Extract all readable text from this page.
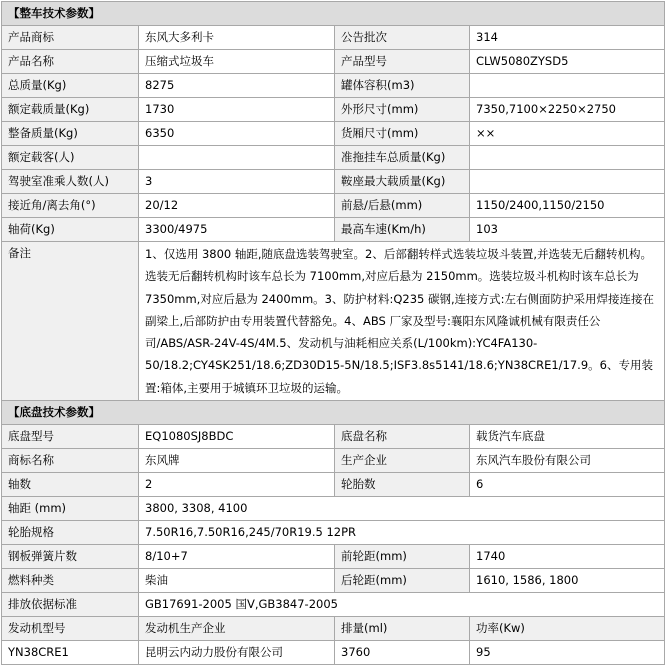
【整车技术参数】			
产品商标	东风大多利卡	公告批次	314
产品名称	压缩式垃圾车	产品型号	CLW5080ZYSD5
总质量(Kg)	8275	罐体容积(m3)	
额定载质量(Kg)	1730	外形尺寸(mm)	7350,7100×2250×2750
整备质量(Kg)	6350	货厢尺寸(mm)	××
额定载客(人)		准拖挂车总质量(Kg)	
驾驶室准乘人数(人)	3	鞍座最大载质量(Kg)	
接近角/离去角(°)	20/12	前悬/后悬(mm)	1150/2400,1150/2150
轴荷(Kg)	3300/4975	最高车速(Km/h)	103
备注	1、仅选用 3800 轴距,随底盘选装驾驶室。2、后部翻转样式选装垃圾斗装置,并选装无后翻转机构。选装无后翻转机构时该车总长为 7100mm,对应后悬为 2150mm。选装垃圾斗机构时该车总长为 7350mm,对应后悬为 2400mm。3、防护材料:Q235 碳钢,连接方式:左右侧面防护采用焊接连接在副梁上,后部防护由专用装置代替豁免。4、ABS 厂家及型号:襄阳东风隆诚机械有限责任公司/ABS/ASR-24V-4S/4M.5、发动机与油耗相应关系(L/100km):YC4FA130-50/18.2;CY4SK251/18.6;ZD30D15-5N/18.5;ISF3.8s5141/18.6;YN38CRE1/17.9。6、专用装置:箱体,主要用于城镇环卫垃圾的运输。		
【底盘技术参数】			
底盘型号	EQ1080SJ8BDC	底盘名称	载货汽车底盘
商标名称	东风牌	生产企业	东风汽车股份有限公司
轴数	2	轮胎数	6
轴距 (mm)	3800, 3308, 4100		
轮胎规格	7.50R16,7.50R16,245/70R19.5 12PR		
钢板弹簧片数	8/10+7	前轮距(mm)	1740
燃料种类	柴油	后轮距(mm)	1610, 1586, 1800
排放依据标准	GB17691-2005 国Ⅴ,GB3847-2005		
发动机型号	发动机生产企业	排量(ml)	功率(Kw)
YN38CRE1	昆明云内动力股份有限公司	3760	95
